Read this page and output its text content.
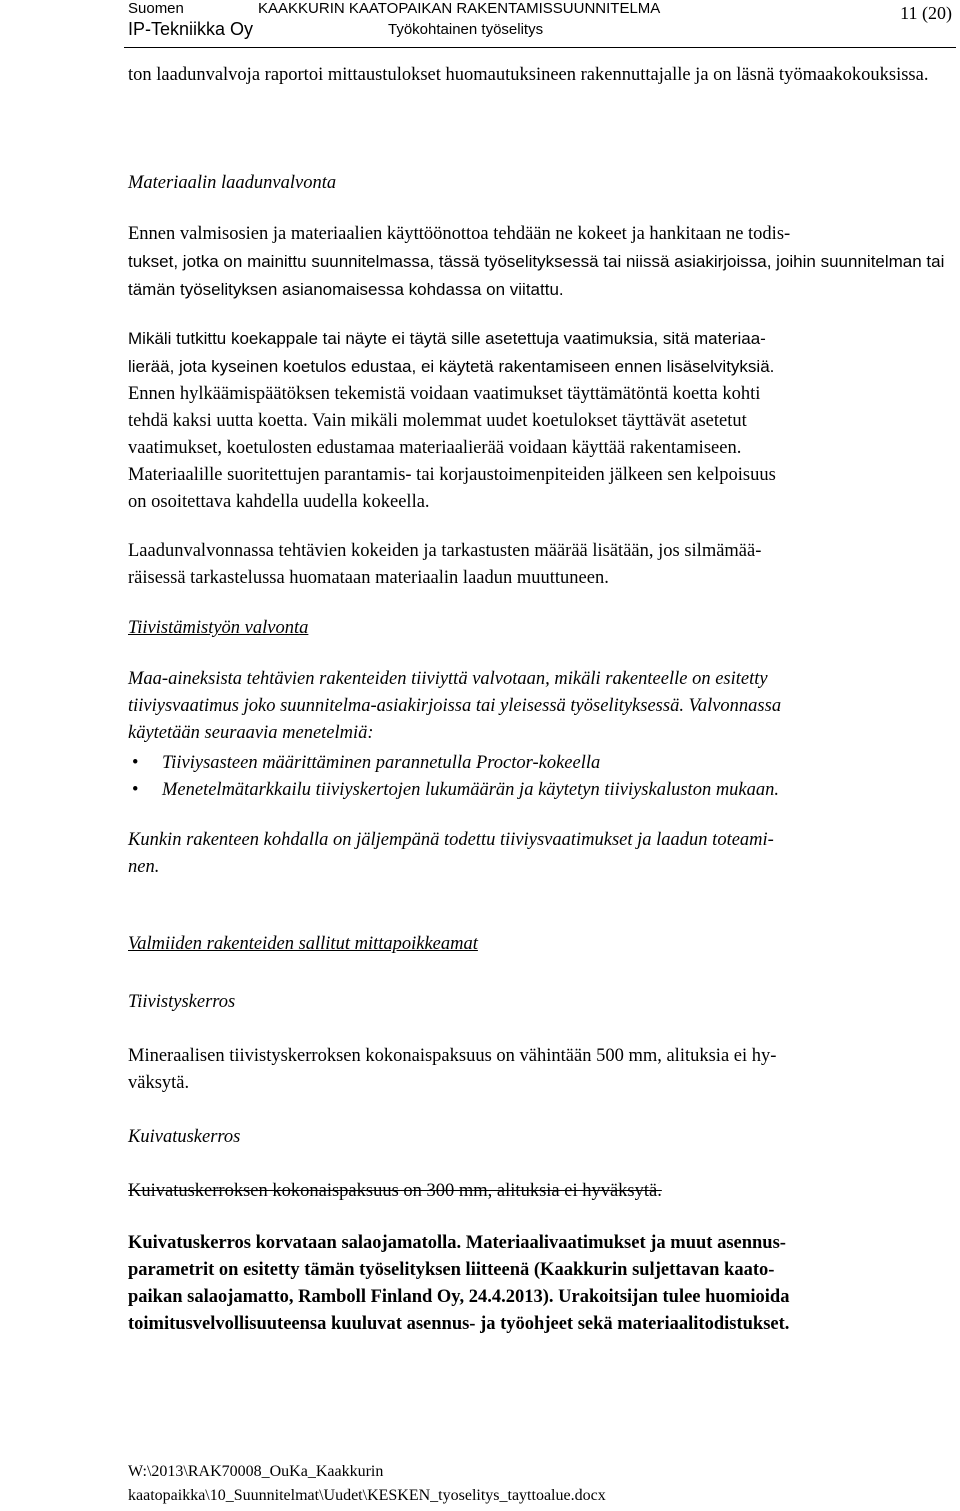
Suomen
IP-Tekniikka Oy
KAAKKURIN KAATOPAIKAN RAKENTAMISSUUNNITELMA
Työkohtainen työselitys
11 (20)

ton laadunvalvoja raportoi mittaustulokset huomautuksineen rakennuttajalle ja on läsnä työmaakokouksissa.

Materiaalin laadunvalvonta

Ennen valmisosien ja materiaalien käyttöönottoa tehdään ne kokeet ja hankitaan ne todis-
tukset, jotka on mainittu suunnitelmassa, tässä työselityksessä tai niissä asiakirjoissa, joihin suunnitelman tai tämän työselityksen asianomaisessa kohdassa on viitattu.

Mikäli tutkittu koekappale tai näyte ei täytä sille asetettuja vaatimuksia, sitä materiaa-
lierää, jota kyseinen koetulos edustaa, ei käytetä rakentamiseen ennen lisäselvityksiä.
Ennen hylkäämispäätöksen tekemistä voidaan vaatimukset täyttämätöntä koetta kohti
tehdä kaksi uutta koetta. Vain mikäli molemmat uudet koetulokset täyttävät asetetut
vaatimukset, koetulosten edustamaa materiaalierää voidaan käyttää rakentamiseen.
Materiaalille suoritettujen parantamis- tai korjaustoimenpiteiden jälkeen sen kelpoisuus
on osoitettava kahdella uudella kokeella.

Laadunvalvonnassa tehtävien kokeiden ja tarkastusten määrää lisätään, jos silmämää-
räisessä tarkastelussa huomataan materiaalin laadun muuttuneen.

Tiivistämistyön valvonta

Maa-aineksista tehtävien rakenteiden tiiviyttä valvotaan, mikäli rakenteelle on esitetty
tiiviysvaatimus joko suunnitelma-asiakirjoissa tai yleisessä työselityksessä. Valvonnassa
käytetään seuraavia menetelmiä:

• Tiiviysasteen määrittäminen parannetulla Proctor-kokeella
• Menetelmätarkkailu tiiviyskertojen lukumäärän ja käytetyn tiiviyskaluston mukaan.

Kunkin rakenteen kohdalla on jäljempänä todettu tiiviysvaatimukset ja laadun toteami-
nen.

Valmiiden rakenteiden sallitut mittapoikkeamat

Tiivistyskerros

Mineraalisen tiivistyskerroksen kokonaispaksuus on vähintään 500 mm, alituksia ei hy-
väksytä.

Kuivatuskerros

Kuivatuskerroksen kokonaispaksuus on 300 mm, alituksia ei hyväksytä.

Kuivatuskerros korvataan salaojamatolla. Materiaalivaatimukset ja muut asennus-
parametrit on esitetty tämän työselityksen liitteenä (Kaakkurin suljettavan kaato-
paikan salaojamatto, Ramboll Finland Oy, 24.4.2013). Urakoitsijan tulee huomioida
toimitusvelvollisuuteensa kuuluvat asennus- ja työohjeet sekä materiaalitodistukset.

W:\2013\RAK70008_OuKa_Kaakkurin
kaatopaikka\10_Suunnitelmat\Uudet\KESKEN_tyoselitys_tayttoalue.docx
